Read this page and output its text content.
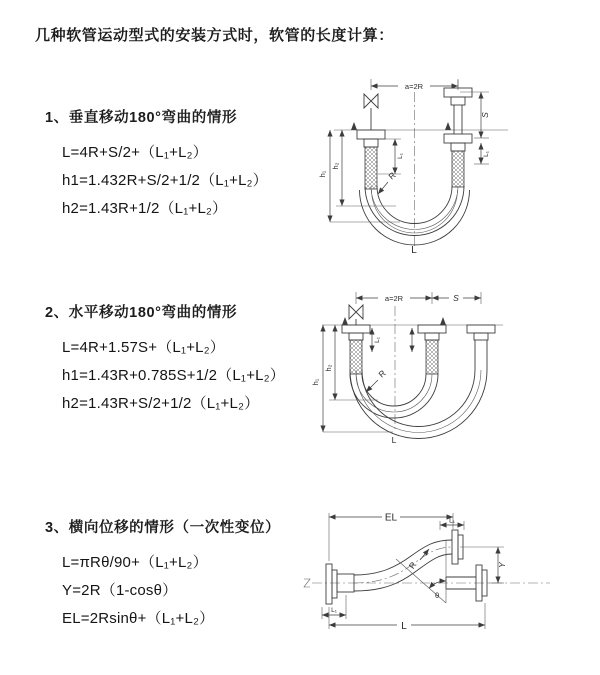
几种软管运动型式的安装方式时，软管的长度计算：
1、垂直移动180°弯曲的情形
L=4R+S/2+（L₁+L₂）
h1=1.432R+S/2+1/2（L₁+L₂）
h2=1.43R+1/2（L₁+L₂）
a=2R
L₁
S
L₁
R
h₁
h₂
L
2、水平移动180°弯曲的情形
L=4R+1.57S+（L₁+L₂）
h1=1.43R+0.785S+1/2（L₁+L₂）
h2=1.43R+S/2+1/2（L₁+L₂）
a=2R	S
L₁
R
h₁
h₂
L
3、横向位移的情形（一次性变位）
L=πRθ/90+（L₁+L₂）
Y=2R（1-cosθ）
EL=2Rsinθ+（L₁+L₂）
EL	L₁
Y
θ
R
L₁
L
